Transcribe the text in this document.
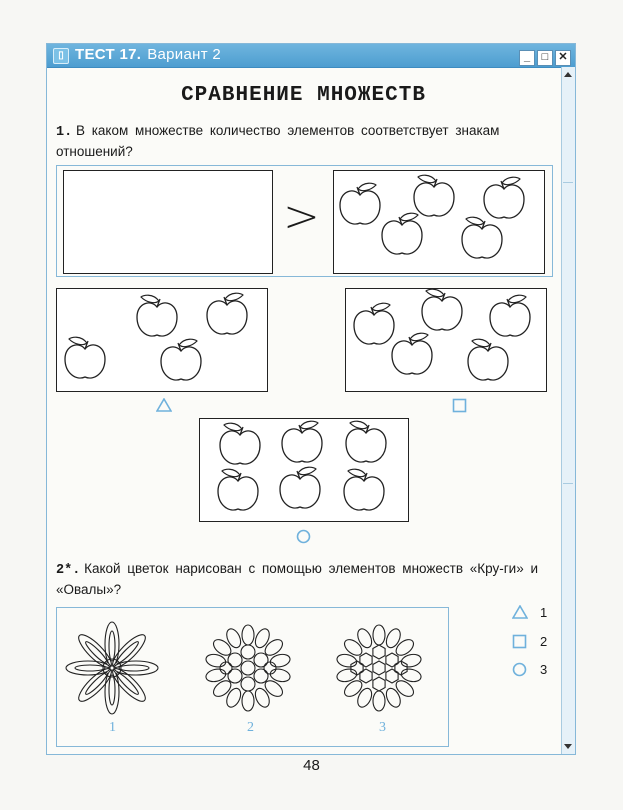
▯ ТЕСТ 17. Вариант 2	_ □ ✕
СРАВНЕНИЕ МНОЖЕСТВ
1. В каком множестве количество элементов соответствует знакам отношений?
>
2*. Какой цветок нарисован с помощью элементов множеств «Кру-ги» и «Овалы»?
1	2	3
1
2
3
48
